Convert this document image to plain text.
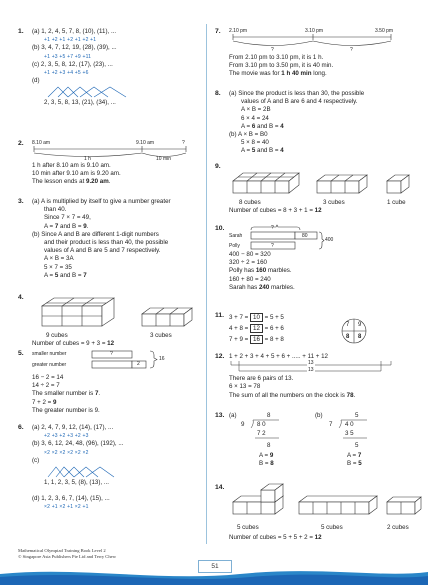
1. (a) 1, 2, 4, 5, 7, 8, (10), (11), ...
+1 +2 +1 +2 +1 +2 +1
(b) 3, 4, 7, 12, 19, (28), (39), ...
+1 +3 +5 +7 +9 +11
(c) 2, 3, 5, 8, 12, (17), (23), ...
+1 +2 +3 +4 +5 +6
(d)
2, 3, 5, 8, 13, (21), (34), ...
2. 8.10 am	9.10 am	?
1 h	10 min
1 h after 8.10 am is 9.10 am.
10 min after 9.10 am is 9.20 am.
The lesson ends at 9.20 am.
3. (a) A is multiplied by itself to give a number greater
than 40.
Since 7 × 7 = 49,
A = 7 and B = 9.
(b) Since A and B are different 1-digit numbers
and their product is less than 40, the possible
values of A and B are 5 and 7 respectively.
A × B = 3A
5 × 7 = 35
A = 5 and B = 7
4.
9 cubes	3 cubes
Number of cubes = 9 + 3 = 12
5. smaller number
greater number
?
2
16
16 − 2 = 14
14 ÷ 2 = 7
The smaller number is 7.
7 + 2 = 9
The greater number is 9.
6. (a) 2, 4, 7, 9, 12, (14), (17), ...
+2 +3 +2 +3 +2 +3
(b) 3, 6, 12, 24, 48, (96), (192), ...
×2 ×2 ×2 ×2 ×2 ×2
(c)
1, 1, 2, 3, 5, (8), (13), ...
(d) 1, 2, 3, 6, 7, (14), (15), ...
×2 +1 ×2 +1 ×2 +1
7. 2.10 pm	3.10 pm	3.50 pm
?	?
From 2.10 pm to 3.10 pm, it is 1 h.
From 3.10 pm to 3.50 pm, it is 40 min.
The movie was for 1 h 40 min long.
8. (a) Since the product is less than 30, the possible
values of A and B are 6 and 4 respectively.
A × B = 2B
6 × 4 = 24
A = 6 and B = 4
(b) A × B = B0
5 × 8 = 40
A = 5 and B = 4
9.
8 cubes	3 cubes	1 cube
Number of cubes = 8 + 3 + 1 = 12
10.	?
Sarah
Polly
80
400
?
400 − 80 = 320
320 ÷ 2 = 160
Polly has 160 marbles.
160 + 80 = 240
Sarah has 240 marbles.
11. 3 + 7 = 10 = 5 + 5
4 + 8 = 12 = 6 + 6
7 + 9 = 16 = 8 + 8
7 9
8 8
12. 1 + 2 + 3 + 4 + 5 + 6 + ..... + 11 + 12
13
13
There are 6 pairs of 13.
6 × 13 = 78
The sum of all the numbers on the clock is 78.
13. (a)	(b)
8
9 8 0
7 2
8
5
7 4 0
3 5
5
A = 9
B = 8
A = 7
B = 5
14.
5 cubes	5 cubes	2 cubes
Number of cubes = 5 + 5 + 2 = 12
Mathematical Olympiad Training Book Level 2
© Singapore Asia Publishers Pte Ltd and Terry Chew
51
